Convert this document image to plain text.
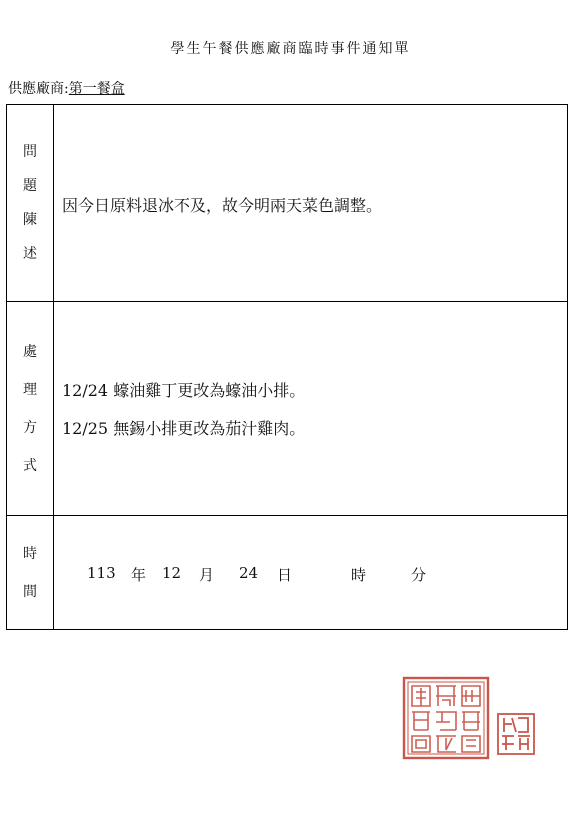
學生午餐供應廠商臨時事件通知單
供應廠商:第一餐盒
問
題
陳
述
因今日原料退冰不及，故今明兩天菜色調整。
處
理
方
式
12/24 蠔油雞丁更改為蠔油小排。
12/25 無錫小排更改為茄汁雞肉。
時
間
113 年 12 月 24 日	時	分
